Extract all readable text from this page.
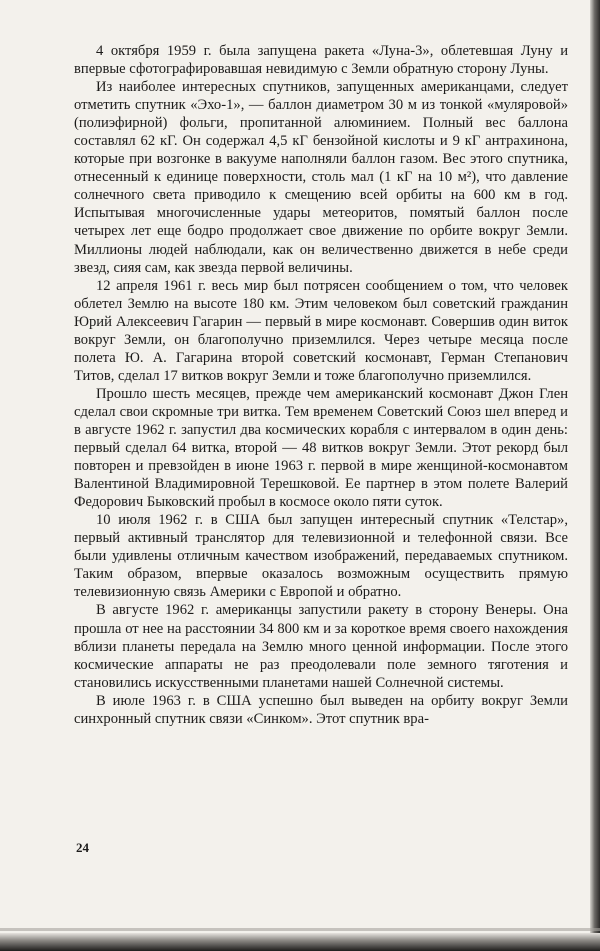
4 октября 1959 г. была запущена ракета «Луна-3», облетевшая Луну и впервые сфотографировавшая невидимую с Земли обратную сторону Луны.

Из наиболее интересных спутников, запущенных американцами, следует отметить спутник «Эхо-1», — баллон диаметром 30 м из тонкой «муляровой» (полиэфирной) фольги, пропитанной алюминием. Полный вес баллона составлял 62 кГ. Он содержал 4,5 кГ бензойной кислоты и 9 кГ антрахинона, которые при возгонке в вакууме наполняли баллон газом. Вес этого спутника, отнесенный к единице поверхности, столь мал (1 кГ на 10 м²), что давление солнечного света приводило к смещению всей орбиты на 600 км в год. Испытывая многочисленные удары метеоритов, помятый баллон после четырех лет еще бодро продолжает свое движение по орбите вокруг Земли. Миллионы людей наблюдали, как он величественно движется в небе среди звезд, сияя сам, как звезда первой величины.

12 апреля 1961 г. весь мир был потрясен сообщением о том, что человек облетел Землю на высоте 180 км. Этим человеком был советский гражданин Юрий Алексеевич Гагарин — первый в мире космонавт. Совершив один виток вокруг Земли, он благополучно приземлился. Через четыре месяца после полета Ю. А. Гагарина второй советский космонавт, Герман Степанович Титов, сделал 17 витков вокруг Земли и тоже благополучно приземлился.

Прошло шесть месяцев, прежде чем американский космонавт Джон Глен сделал свои скромные три витка. Тем временем Советский Союз шел вперед и в августе 1962 г. запустил два космических корабля с интервалом в один день: первый сделал 64 витка, второй — 48 витков вокруг Земли. Этот рекорд был повторен и превзойден в июне 1963 г. первой в мире женщиной-космонавтом Валентиной Владимировной Терешковой. Ее партнер в этом полете Валерий Федорович Быковский пробыл в космосе около пяти суток.

10 июля 1962 г. в США был запущен интересный спутник «Телстар», первый активный транслятор для телевизионной и телефонной связи. Все были удивлены отличным качеством изображений, передаваемых спутником. Таким образом, впервые оказалось возможным осуществить прямую телевизионную связь Америки с Европой и обратно.

В августе 1962 г. американцы запустили ракету в сторону Венеры. Она прошла от нее на расстоянии 34 800 км и за короткое время своего нахождения вблизи планеты передала на Землю много ценной информации. После этого космические аппараты не раз преодолевали поле земного тяготения и становились искусственными планетами нашей Солнечной системы.

В июле 1963 г. в США успешно был выведен на орбиту вокруг Земли синхронный спутник связи «Синком». Этот спутник вра-

24
